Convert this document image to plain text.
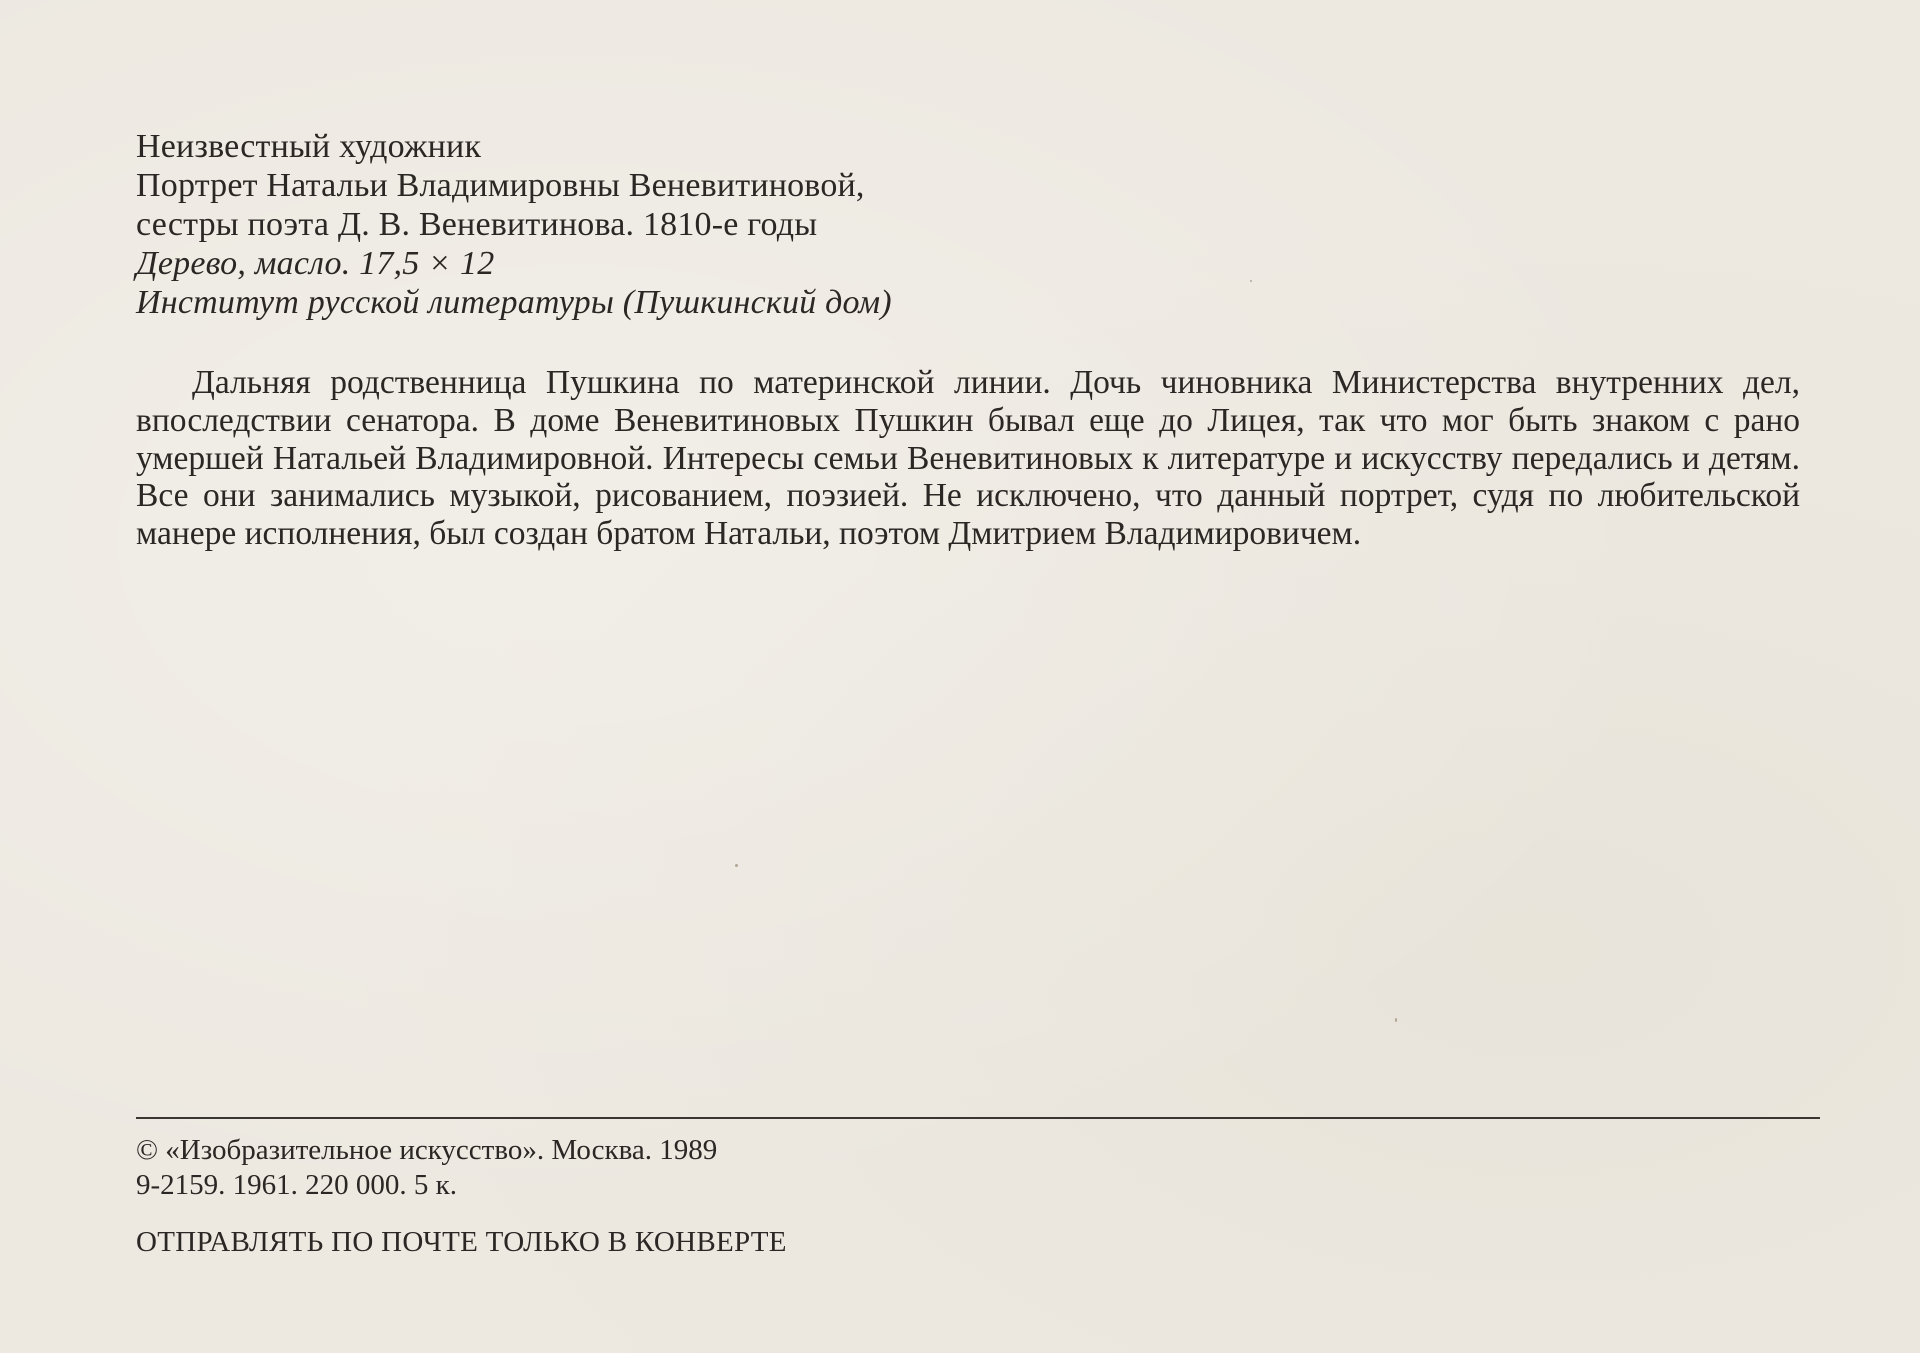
Неизвестный художник
Портрет Натальи Владимировны Веневитиновой,
сестры поэта Д. В. Веневитинова. 1810-е годы
Дерево, масло. 17,5 × 12
Институт русской литературы (Пушкинский дом)

Дальняя родственница Пушкина по материнской линии. Дочь чиновника Министерства внутренних дел, впоследствии сенатора. В доме Веневитиновых Пушкин бывал еще до Лицея, так что мог быть знаком с рано умершей Натальей Владимировной. Интересы семьи Веневитиновых к литературе и искусству передались и детям. Все они занимались музыкой, рисованием, поэзией. Не исключено, что данный портрет, судя по любительской манере исполнения, был создан братом Натальи, поэтом Дмитрием Владимировичем.

© «Изобразительное искусство». Москва. 1989
9-2159. 1961. 220 000. 5 к.
ОТПРАВЛЯТЬ ПО ПОЧТЕ ТОЛЬКО В КОНВЕРТЕ
